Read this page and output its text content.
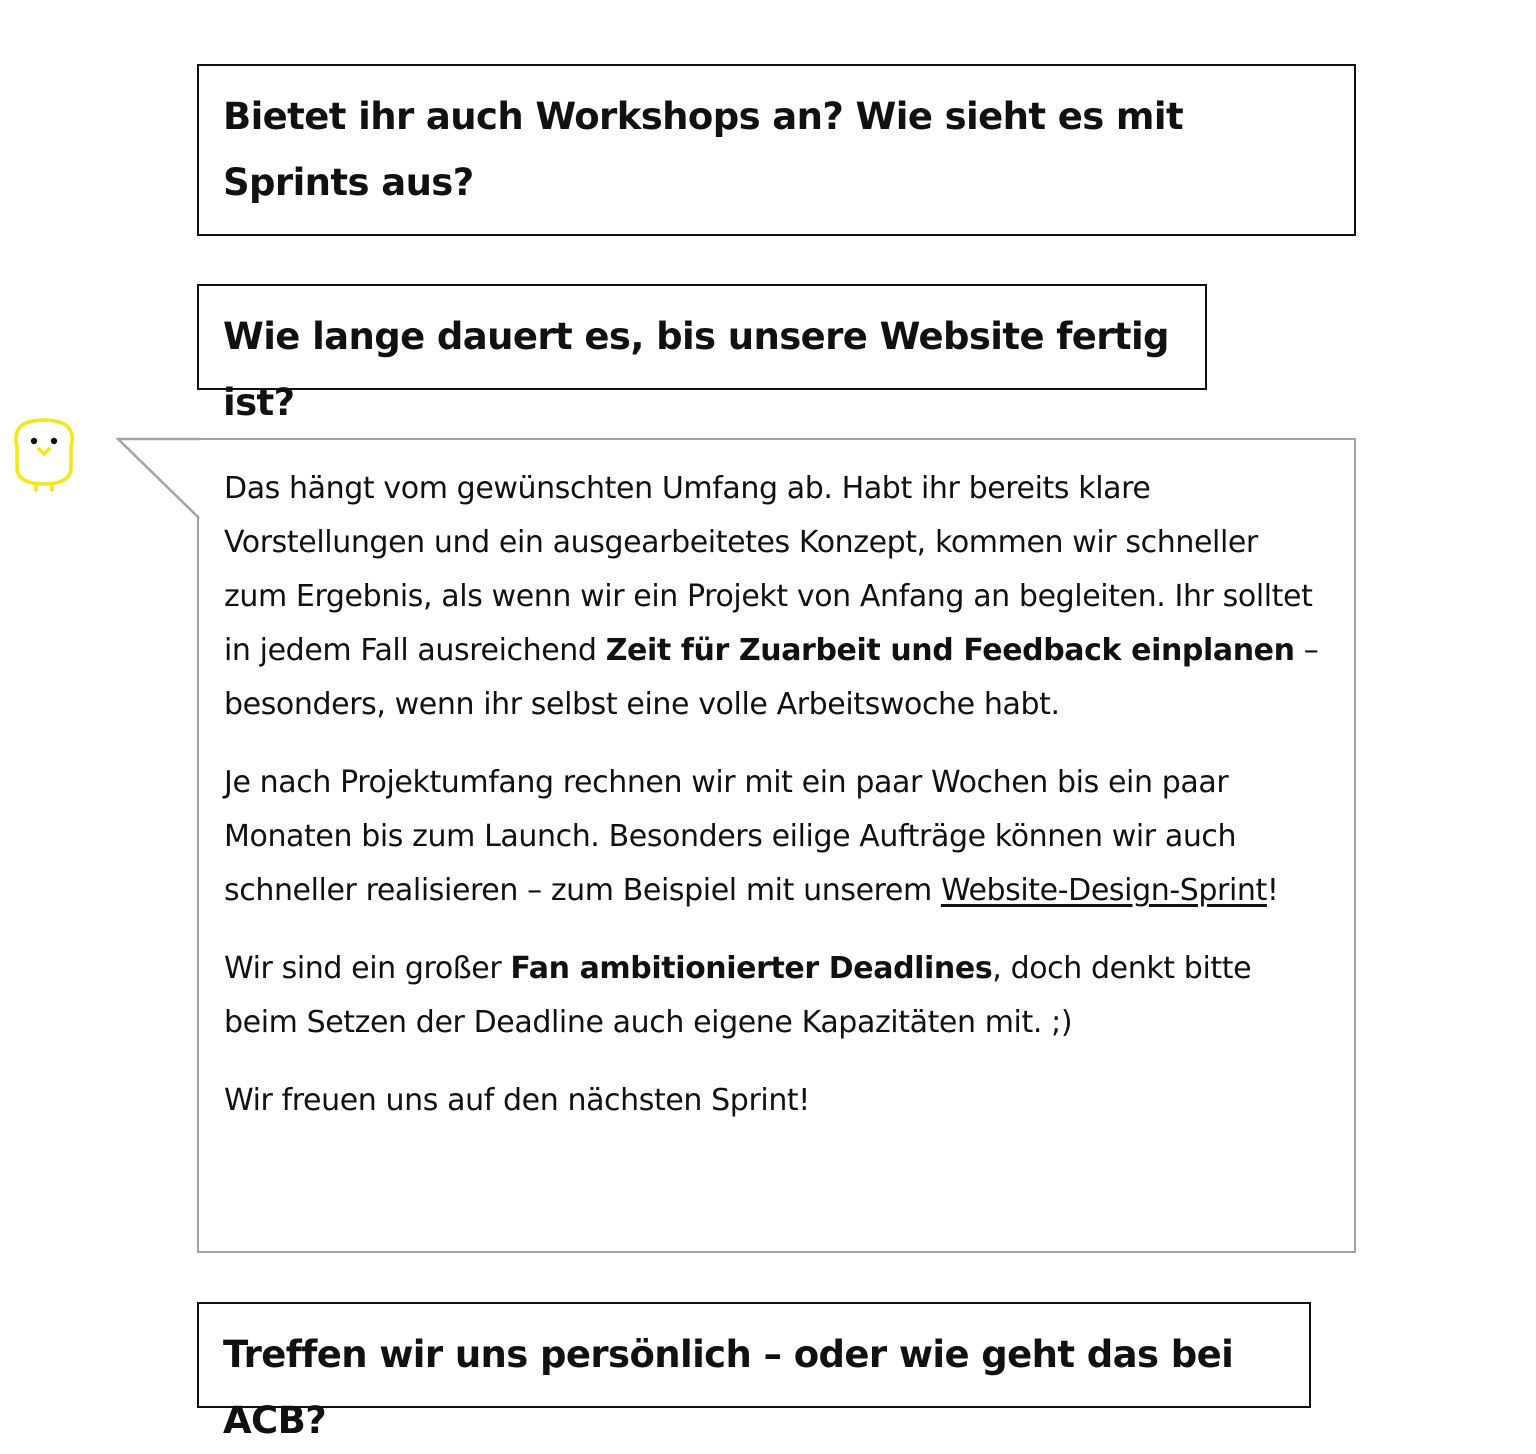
Bietet ihr auch Workshops an? Wie sieht es mit Sprints aus?
Wie lange dauert es, bis unsere Website fertig ist?

Das hängt vom gewünschten Umfang ab. Habt ihr bereits klare Vorstellungen und ein ausgearbeitetes Konzept, kommen wir schneller zum Ergebnis, als wenn wir ein Projekt von Anfang an begleiten. Ihr solltet in jedem Fall ausreichend Zeit für Zuarbeit und Feedback einplanen – besonders, wenn ihr selbst eine volle Arbeitswoche habt.

Je nach Projektumfang rechnen wir mit ein paar Wochen bis ein paar Monaten bis zum Launch. Besonders eilige Aufträge können wir auch schneller realisieren – zum Beispiel mit unserem Website-Design-Sprint!

Wir sind ein großer Fan ambitionierter Deadlines, doch denkt bitte beim Setzen der Deadline auch eigene Kapazitäten mit. ;)

Wir freuen uns auf den nächsten Sprint!

Treffen wir uns persönlich – oder wie geht das bei ACB?
